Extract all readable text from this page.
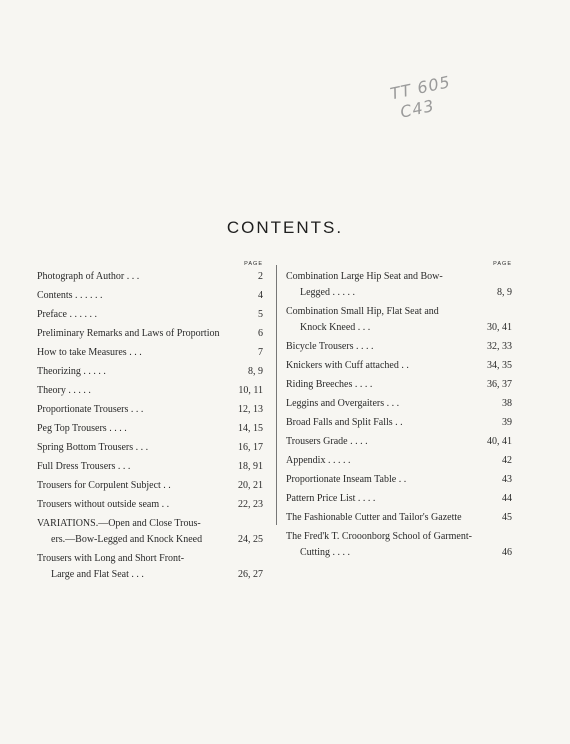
TT 605
C43
CONTENTS.
PAGE
Photograph of Author . . .	2
Contents . . . . . .	4
Preface . . . . . .	5
Preliminary Remarks and Laws of Proportion	6
How to take Measures . . .	7
Theorizing . . . . .	8, 9
Theory . . . . .	10, 11
Proportionate Trousers . . .	12, 13
Peg Top Trousers . . . .	14, 15
Spring Bottom Trousers . . .	16, 17
Full Dress Trousers . . .	18, 91
Trousers for Corpulent Subject . .	20, 21
Trousers without outside seam . .	22, 23
VARIATIONS.—Open and Close Trous-
ers.—Bow-Legged and Knock Kneed	24, 25
Trousers with Long and Short Front-
Large and Flat Seat . . .	26, 27
PAGE
Combination Large Hip Seat and Bow-
Legged . . . . .	8, 9
Combination Small Hip, Flat Seat and
Knock Kneed . . .	30, 41
Bicycle Trousers . . . .	32, 33
Knickers with Cuff attached . .	34, 35
Riding Breeches . . . .	36, 37
Leggins and Overgaiters . . .	38
Broad Falls and Split Falls . .	39
Trousers Grade . . . .	40, 41
Appendix . . . . .	42
Proportionate Inseam Table . .	43
Pattern Price List . . . .	44
The Fashionable Cutter and Tailor's Gazette	45
The Fred'k T. Crooonborg School of Garment-
Cutting . . . .	46
